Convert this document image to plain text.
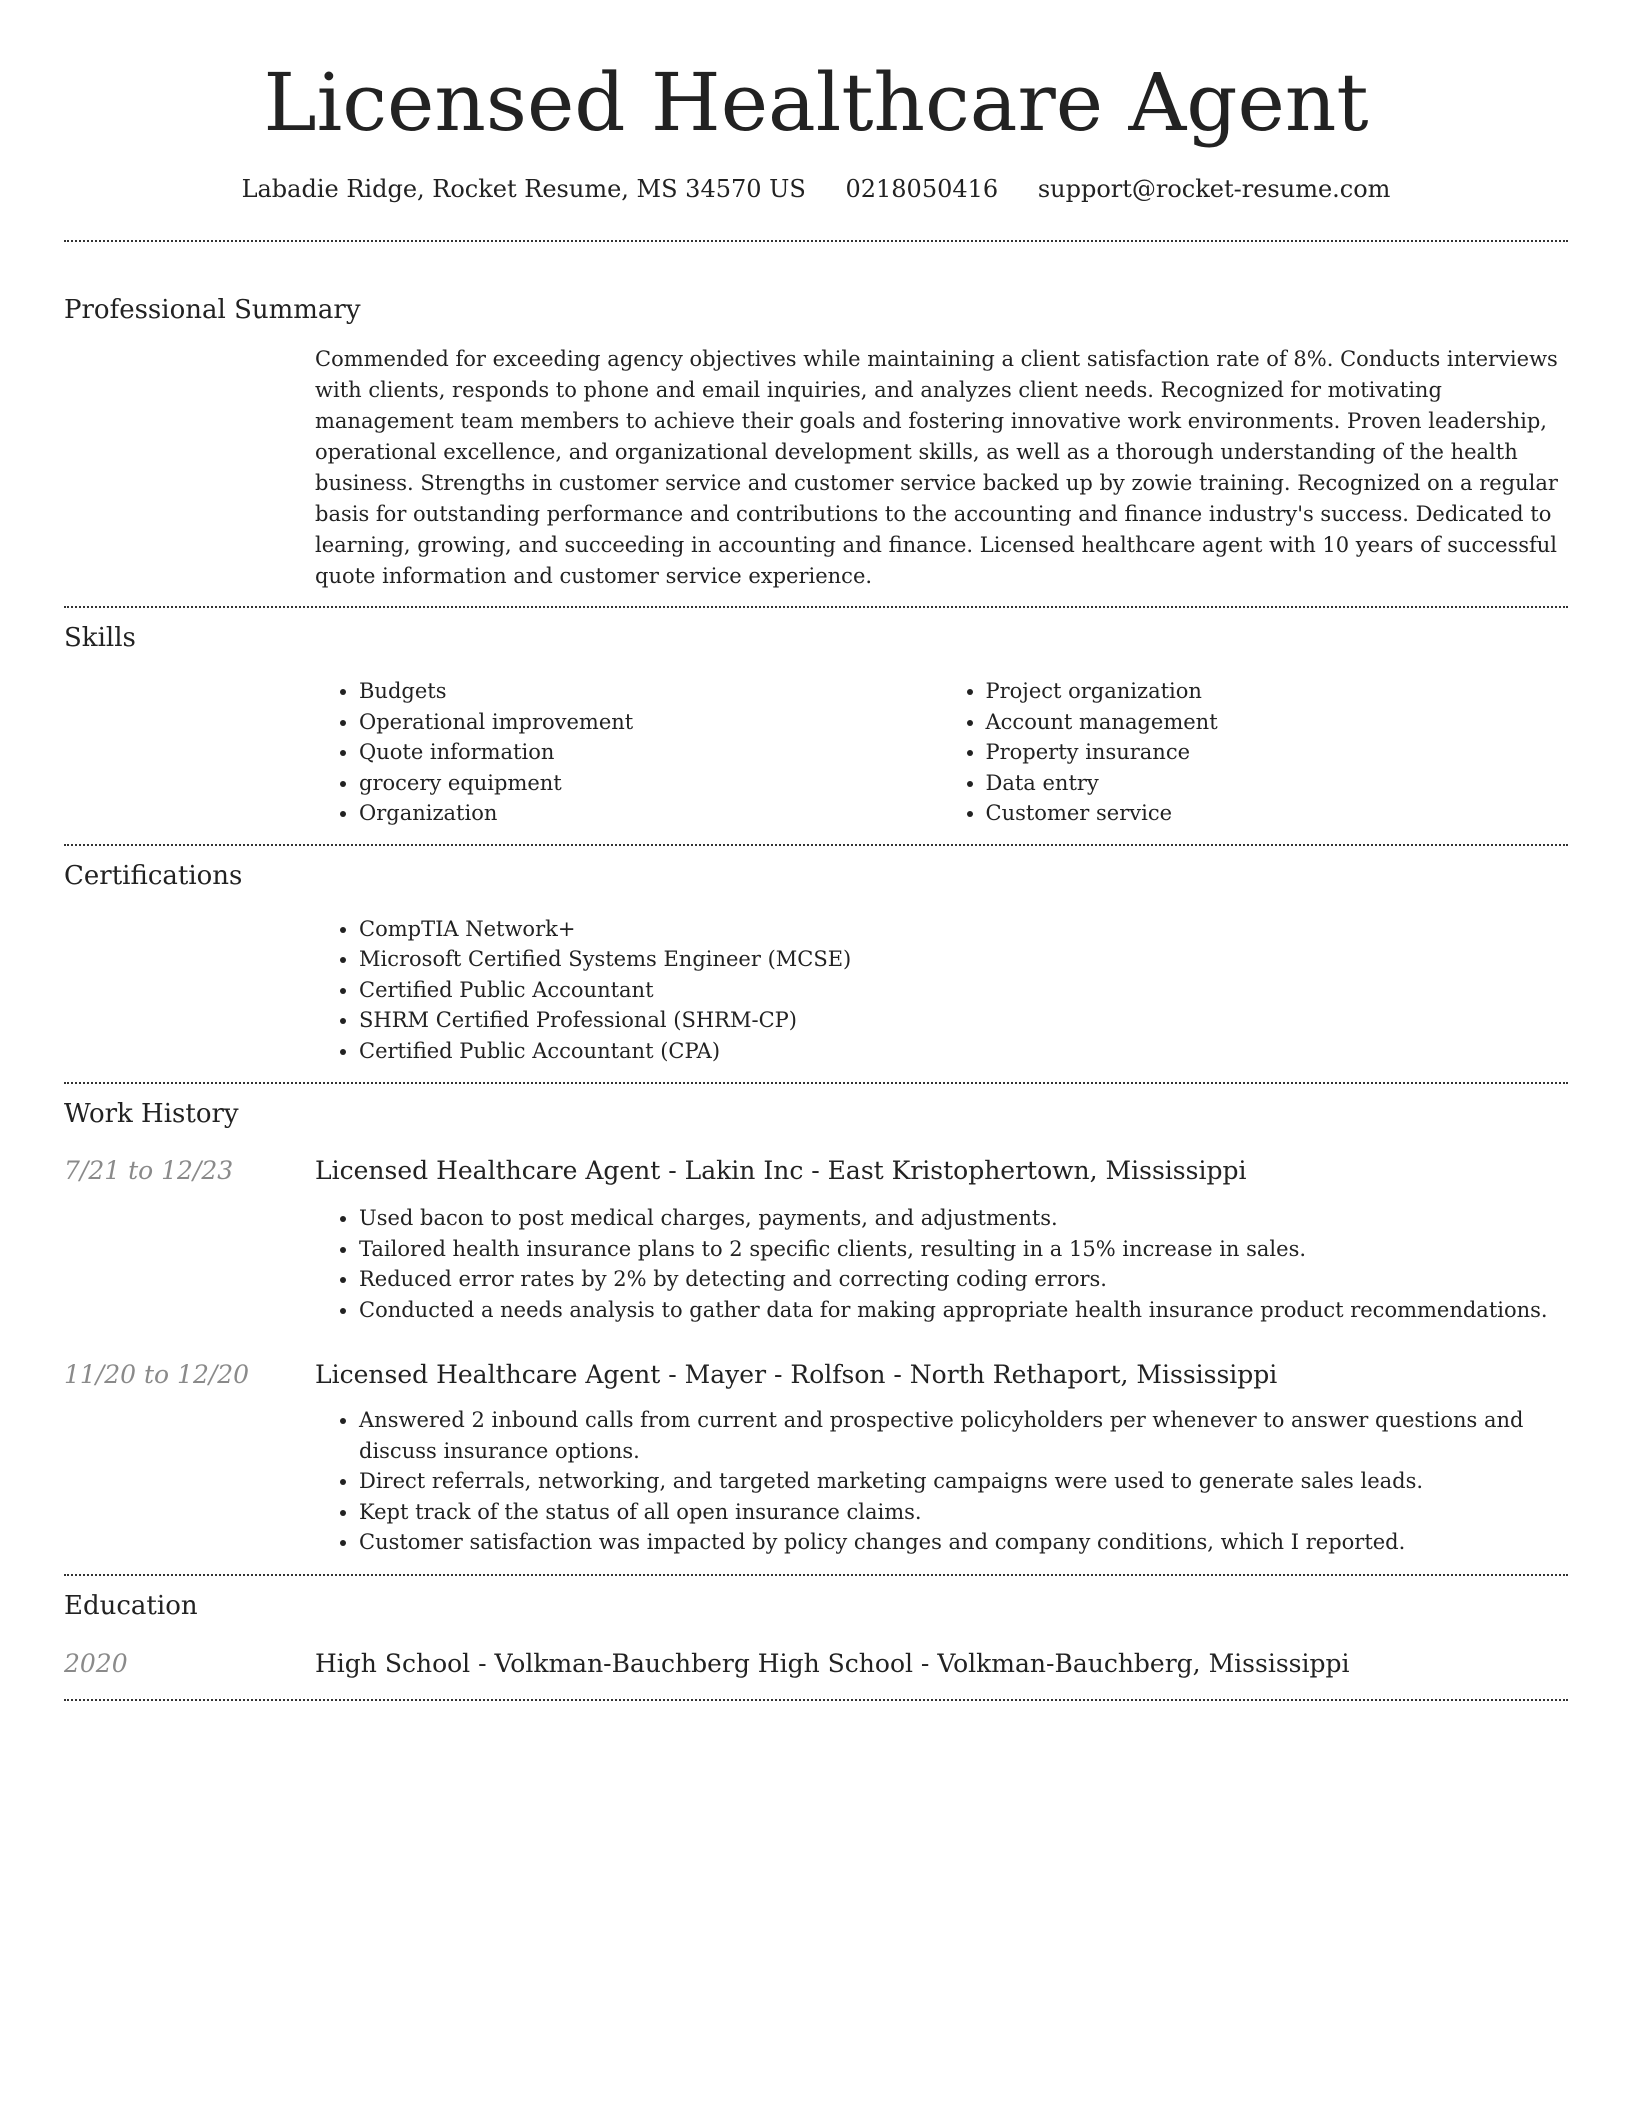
Licensed Healthcare Agent
Labadie Ridge, Rocket Resume, MS 34570 US 0218050416 support@rocket-resume.com
Professional Summary

Commended for exceeding agency objectives while maintaining a client satisfaction rate of 8%. Conducts interviews with clients, responds to phone and email inquiries, and analyzes client needs. Recognized for motivating management team members to achieve their goals and fostering innovative work environments. Proven leadership, operational excellence, and organizational development skills, as well as a thorough understanding of the health business. Strengths in customer service and customer service backed up by zowie training. Recognized on a regular basis for outstanding performance and contributions to the accounting and finance industry's success. Dedicated to learning, growing, and succeeding in accounting and finance. Licensed healthcare agent with 10 years of successful quote information and customer service experience.

Skills
• Budgets
• Operational improvement
• Quote information
• grocery equipment
• Organization
• Project organization
• Account management
• Property insurance
• Data entry
• Customer service
Certifications
• CompTIA Network+
• Microsoft Certified Systems Engineer (MCSE)
• Certified Public Accountant
• SHRM Certified Professional (SHRM-CP)
• Certified Public Accountant (CPA)
Work History
7/21 to 12/23	Licensed Healthcare Agent - Lakin Inc - East Kristophertown, Mississippi
• Used bacon to post medical charges, payments, and adjustments.
• Tailored health insurance plans to 2 specific clients, resulting in a 15% increase in sales.
• Reduced error rates by 2% by detecting and correcting coding errors.
• Conducted a needs analysis to gather data for making appropriate health insurance product recommendations.
11/20 to 12/20	Licensed Healthcare Agent - Mayer - Rolfson - North Rethaport, Mississippi
• Answered 2 inbound calls from current and prospective policyholders per whenever to answer questions and discuss insurance options.
• Direct referrals, networking, and targeted marketing campaigns were used to generate sales leads.
• Kept track of the status of all open insurance claims.
• Customer satisfaction was impacted by policy changes and company conditions, which I reported.
Education
2020	High School - Volkman-Bauchberg High School - Volkman-Bauchberg, Mississippi
